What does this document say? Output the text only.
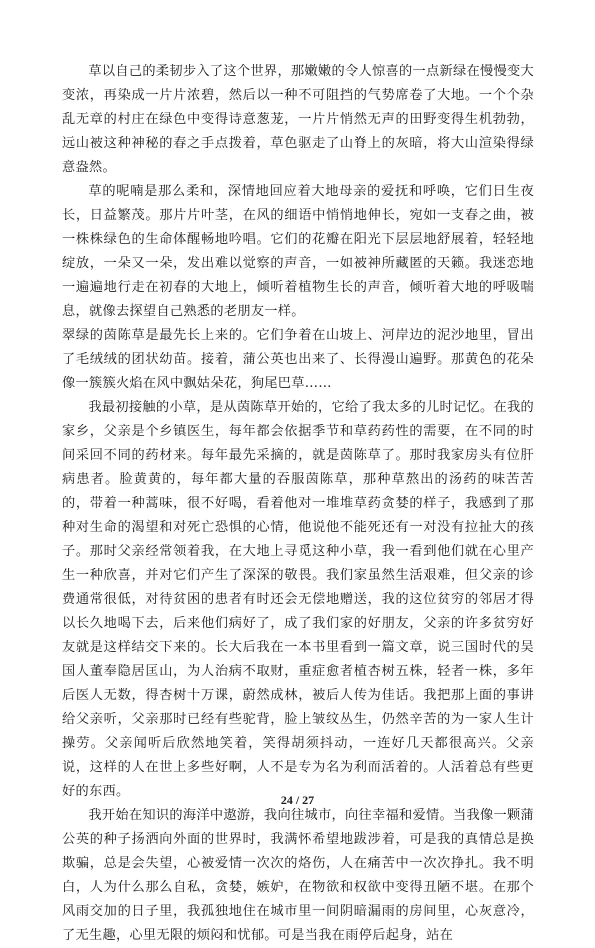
草以自己的柔韧步入了这个世界，那嫩嫩的令人惊喜的一点新绿在慢慢变大变浓，再染成一片片浓碧，然后以一种不可阻挡的气势席卷了大地。一个个杂乱无章的村庄在绿色中变得诗意葱茏，一片片悄然无声的田野变得生机勃勃，远山被这种神秘的春之手点拨着，草色驱走了山脊上的灰暗，将大山渲染得绿意盎然。

草的呢喃是那么柔和，深情地回应着大地母亲的爱抚和呼唤，它们日生夜长，日益繁茂。那片片叶茎，在风的细语中悄悄地伸长，宛如一支春之曲，被一株株绿色的生命体醒畅地吟唱。它们的花瓣在阳光下层层地舒展着，轻轻地绽放，一朵又一朵，发出难以觉察的声音，一如被神所藏匿的天籁。我迷恋地一遍遍地行走在初春的大地上，倾听着植物生长的声音，倾听着大地的呼吸喘息，就像去探望自己熟悉的老朋友一样。

翠绿的茵陈草是最先长上来的。它们争着在山坡上、河岸边的泥沙地里，冒出了毛绒绒的团状幼苗。接着，蒲公英也出来了、长得漫山遍野。那黄色的花朵像一簇簇火焰在风中飘姑朵花，狗尾巴草……

我最初接触的小草，是从茵陈草开始的，它给了我太多的儿时记忆。在我的家乡，父亲是个乡镇医生，每年都会依据季节和草药药性的需要，在不同的时间采回不同的药材来。每年最先采摘的，就是茵陈草了。那时我家房头有位肝病患者。脸黄黄的，每年都大量的吞服茵陈草，那种草熬出的汤药的味苦苦的，带着一种蒿味，很不好喝，看着他对一堆堆草药贪婪的样子，我感到了那种对生命的渴望和对死亡恐惧的心情，他说他不能死还有一对没有拉扯大的孩子。那时父亲经常领着我，在大地上寻觅这种小草，我一看到他们就在心里产生一种欣喜，并对它们产生了深深的敬畏。我们家虽然生活艰难，但父亲的诊费通常很低，对待贫困的患者有时还会无偿地赠送，我的这位贫穷的邻居才得以长久地喝下去，后来他们病好了，成了我们家的好朋友，父亲的许多贫穷好友就是这样结交下来的。长大后我在一本书里看到一篇文章，说三国时代的吴国人董奉隐居匡山，为人治病不取财，重症愈者植杏树五株，轻者一株，多年后医人无数，得杏树十万课，蔚然成林，被后人传为佳话。我把那上面的事讲给父亲听，父亲那时已经有些驼背，脸上皱纹丛生，仍然辛苦的为一家人生计操劳。父亲闻听后欣然地笑着，笑得胡须抖动，一连好几天都很高兴。父亲说，这样的人在世上多些好啊，人不是专为名为利而活着的。人活着总有些更好的东西。

我开始在知识的海洋中遨游，我向往城市，向往幸福和爱情。当我像一颗蒲公英的种子扬洒向外面的世界时，我满怀希望地跋涉着，可是我的真情总是换欺骗，总是会失望，心被爱情一次次的烙伤，人在痛苦中一次次挣扎。我不明白，人为什么那么自私，贪婪，嫉妒，在物欲和权欲中变得丑陋不堪。在那个风雨交加的日子里，我孤独地住在城市里一间阴暗漏雨的房间里，心灰意冷，了无生趣，心里无限的烦闷和忧郁。可是当我在雨停后起身，站在

24 / 27
